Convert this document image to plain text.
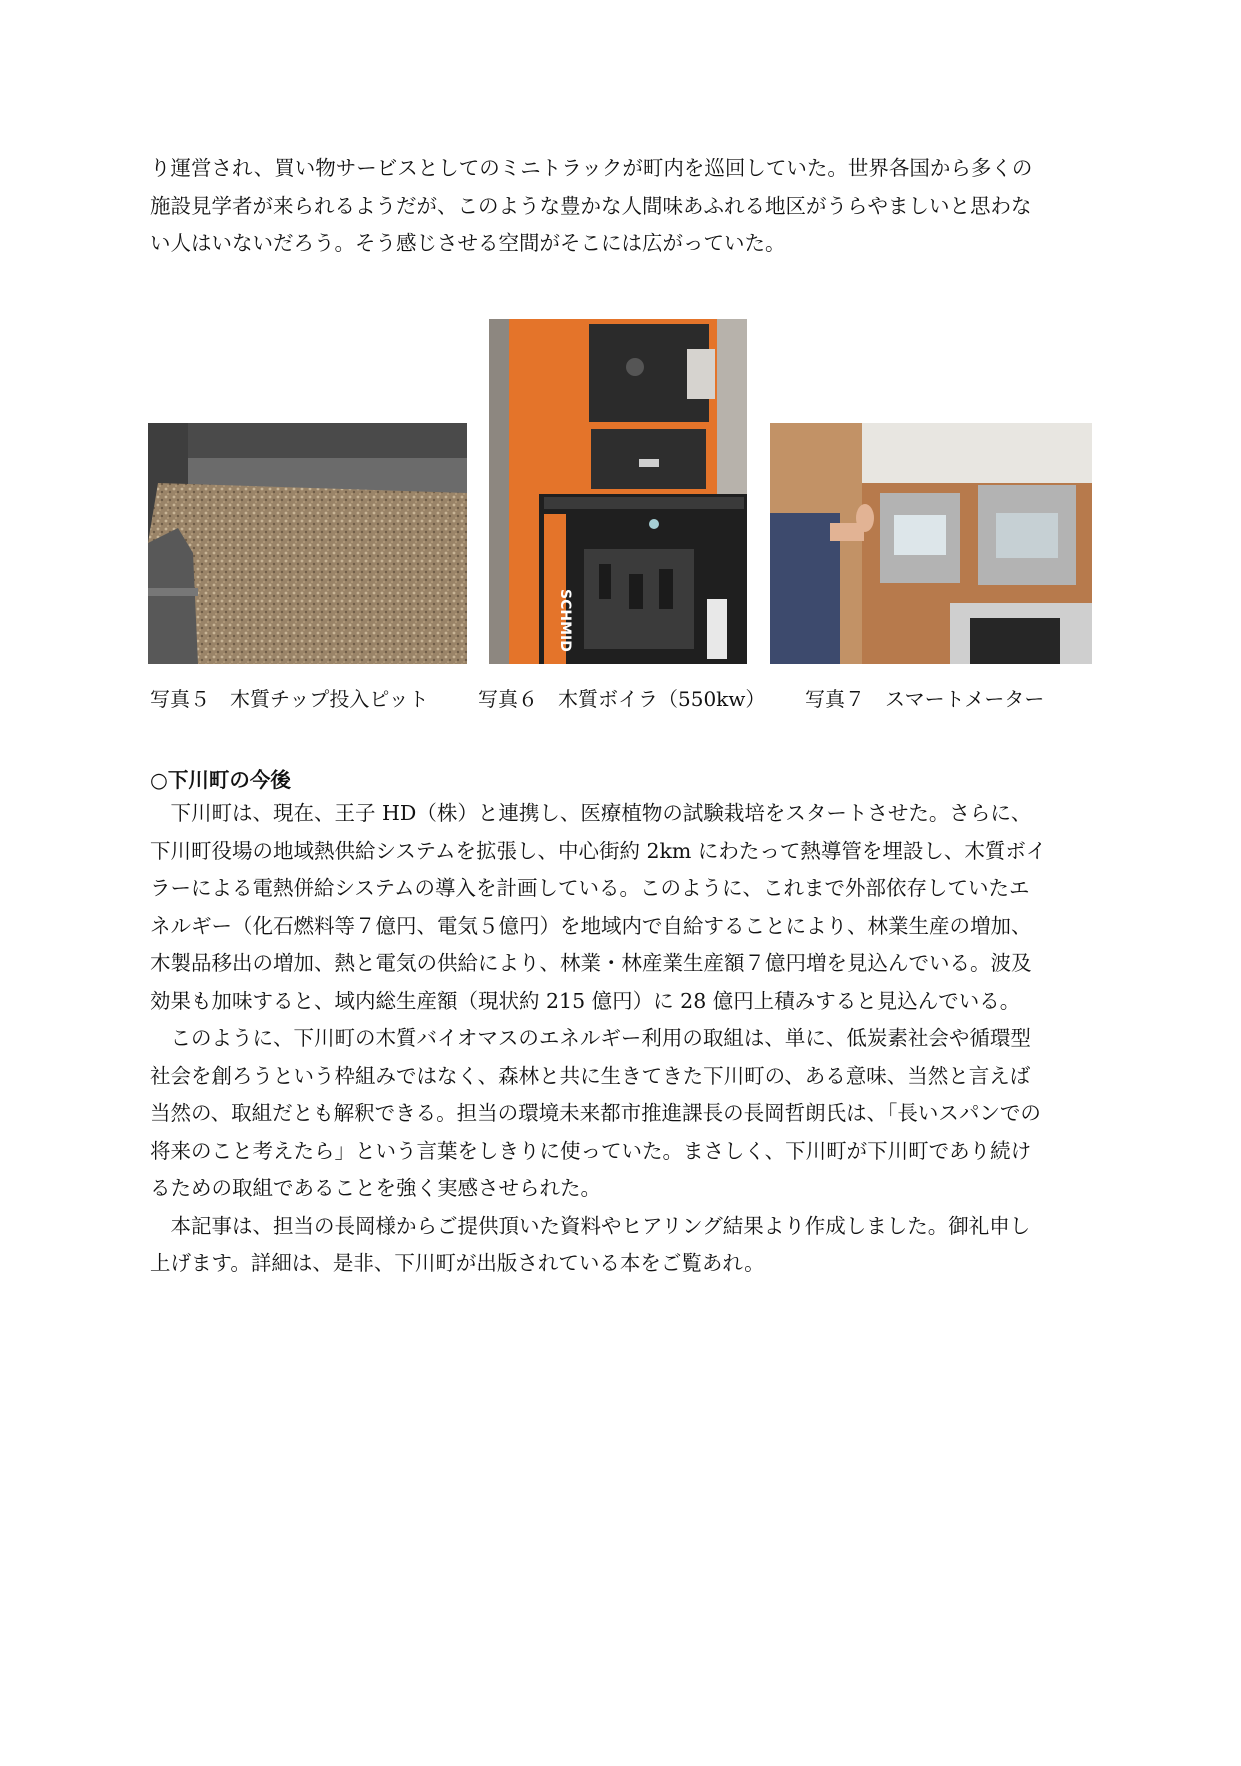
り運営され、買い物サービスとしてのミニトラックが町内を巡回していた。世界各国から多くの
施設見学者が来られるようだが、このような豊かな人間味あふれる地区がうらやましいと思わな
い人はいないだろう。そう感じさせる空間がそこには広がっていた。
SCHMID
写真５　木質チップ投入ピット 写真６　木質ボイラ（550kw） 写真７　スマートメーター
○下川町の今後
　下川町は、現在、王子 HD（株）と連携し、医療植物の試験栽培をスタートさせた。さらに、
下川町役場の地域熱供給システムを拡張し、中心街約 2km にわたって熱導管を埋設し、木質ボイ
ラーによる電熱併給システムの導入を計画している。このように、これまで外部依存していたエ
ネルギー（化石燃料等７億円、電気５億円）を地域内で自給することにより、林業生産の増加、
木製品移出の増加、熱と電気の供給により、林業・林産業生産額７億円増を見込んでいる。波及
効果も加味すると、域内総生産額（現状約 215 億円）に 28 億円上積みすると見込んでいる。
　このように、下川町の木質バイオマスのエネルギー利用の取組は、単に、低炭素社会や循環型
社会を創ろうという枠組みではなく、森林と共に生きてきた下川町の、ある意味、当然と言えば
当然の、取組だとも解釈できる。担当の環境未来都市推進課長の長岡哲朗氏は、「長いスパンでの
将来のこと考えたら」という言葉をしきりに使っていた。まさしく、下川町が下川町であり続け
るための取組であることを強く実感させられた。
　本記事は、担当の長岡様からご提供頂いた資料やヒアリング結果より作成しました。御礼申し
上げます。詳細は、是非、下川町が出版されている本をご覧あれ。
